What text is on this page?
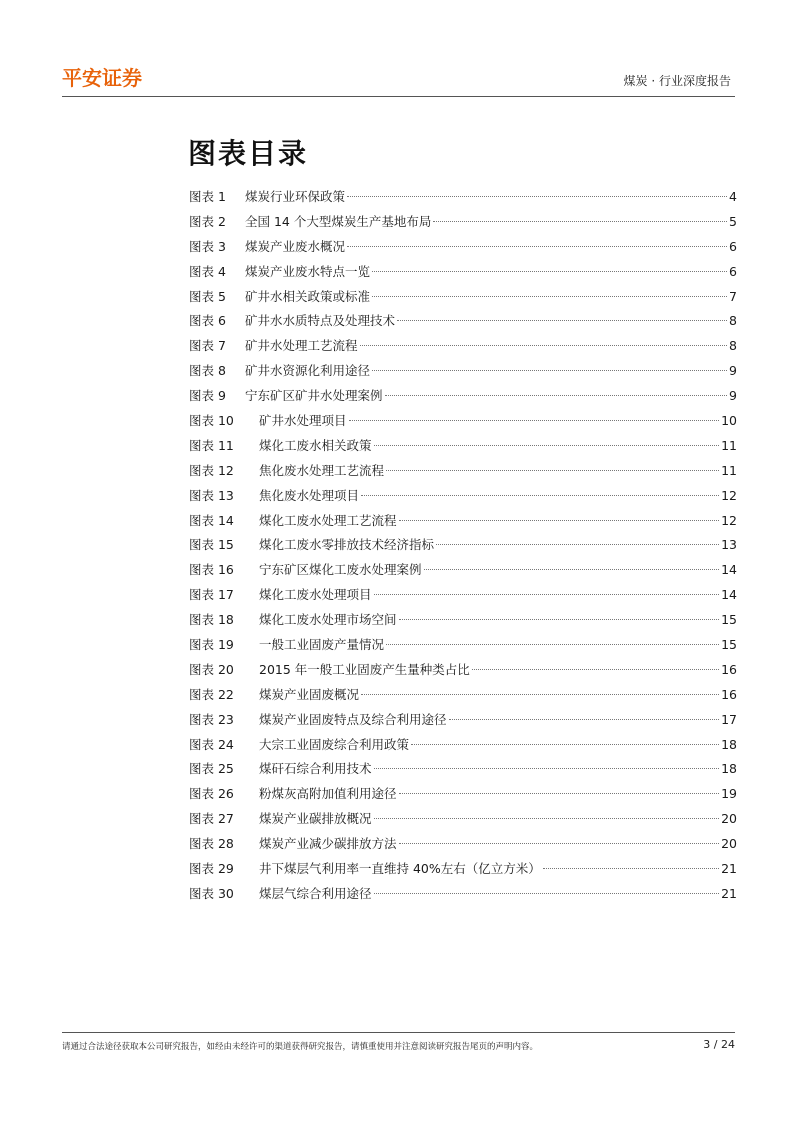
平安证券	煤炭 · 行业深度报告
图表目录
图表 1	煤炭行业环保政策	4
图表 2	全国 14 个大型煤炭生产基地布局	5
图表 3	煤炭产业废水概况	6
图表 4	煤炭产业废水特点一览	6
图表 5	矿井水相关政策或标准	7
图表 6	矿井水水质特点及处理技术	8
图表 7	矿井水处理工艺流程	8
图表 8	矿井水资源化利用途径	9
图表 9	宁东矿区矿井水处理案例	9
图表 10	矿井水处理项目	10
图表 11	煤化工废水相关政策	11
图表 12	焦化废水处理工艺流程	11
图表 13	焦化废水处理项目	12
图表 14	煤化工废水处理工艺流程	12
图表 15	煤化工废水零排放技术经济指标	13
图表 16	宁东矿区煤化工废水处理案例	14
图表 17	煤化工废水处理项目	14
图表 18	煤化工废水处理市场空间	15
图表 19	一般工业固废产量情况	15
图表 20	2015 年一般工业固废产生量种类占比	16
图表 22	煤炭产业固废概况	16
图表 23	煤炭产业固废特点及综合利用途径	17
图表 24	大宗工业固废综合利用政策	18
图表 25	煤矸石综合利用技术	18
图表 26	粉煤灰高附加值利用途径	19
图表 27	煤炭产业碳排放概况	20
图表 28	煤炭产业减少碳排放方法	20
图表 29	井下煤层气利用率一直维持 40%左右（亿立方米）	21
图表 30	煤层气综合利用途径	21
请通过合法途径获取本公司研究报告，如经由未经许可的渠道获得研究报告，请慎重使用并注意阅读研究报告尾页的声明内容。	3 / 24
